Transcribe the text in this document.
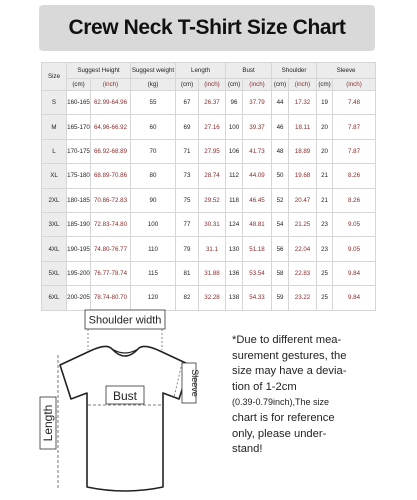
Crew Neck T-Shirt Size Chart
Size	Suggest Height		Suggest weight	Length		Bust		Shoulder		Sleeve	
	(cm)	(inch)	(kg)	(cm)	(inch)	(cm)	(inch)	(cm)	(inch)	(cm)	(inch)
S	160-165	62.99-64.96	55	67	26.37	96	37.79	44	17.32	19	7.48
M	165-170	64.96-66.92	60	69	27.16	100	39.37	46	18.11	20	7.87
L	170-175	66.92-68.89	70	71	27.95	106	41.73	48	18.89	20	7.87
XL	175-180	68.89-70.86	80	73	28.74	112	44.09	50	19.68	21	8.26
2XL	180-185	70.86-72.83	90	75	29.52	118	46.45	52	20.47	21	8.26
3XL	185-190	72.83-74.80	100	77	30.31	124	48.81	54	21.25	23	9.05
4XL	190-195	74.80-76.77	110	79	31.1	130	51.18	56	22.04	23	9.05
5XL	195-200	76.77-78.74	115	81	31.88	136	53.54	58	22.83	25	9.84
6XL	200-205	78.74-80.70	120	82	32.28	138	54.33	59	23.22	25	9.84
Shoulder width
Bust	Sleeve
Length
*Due to different mea-
surement gestures, the
size may have a devia-
tion of 1-2cm
(0.39-0.79inch),The size
chart is for reference
only, please under-
stand!
